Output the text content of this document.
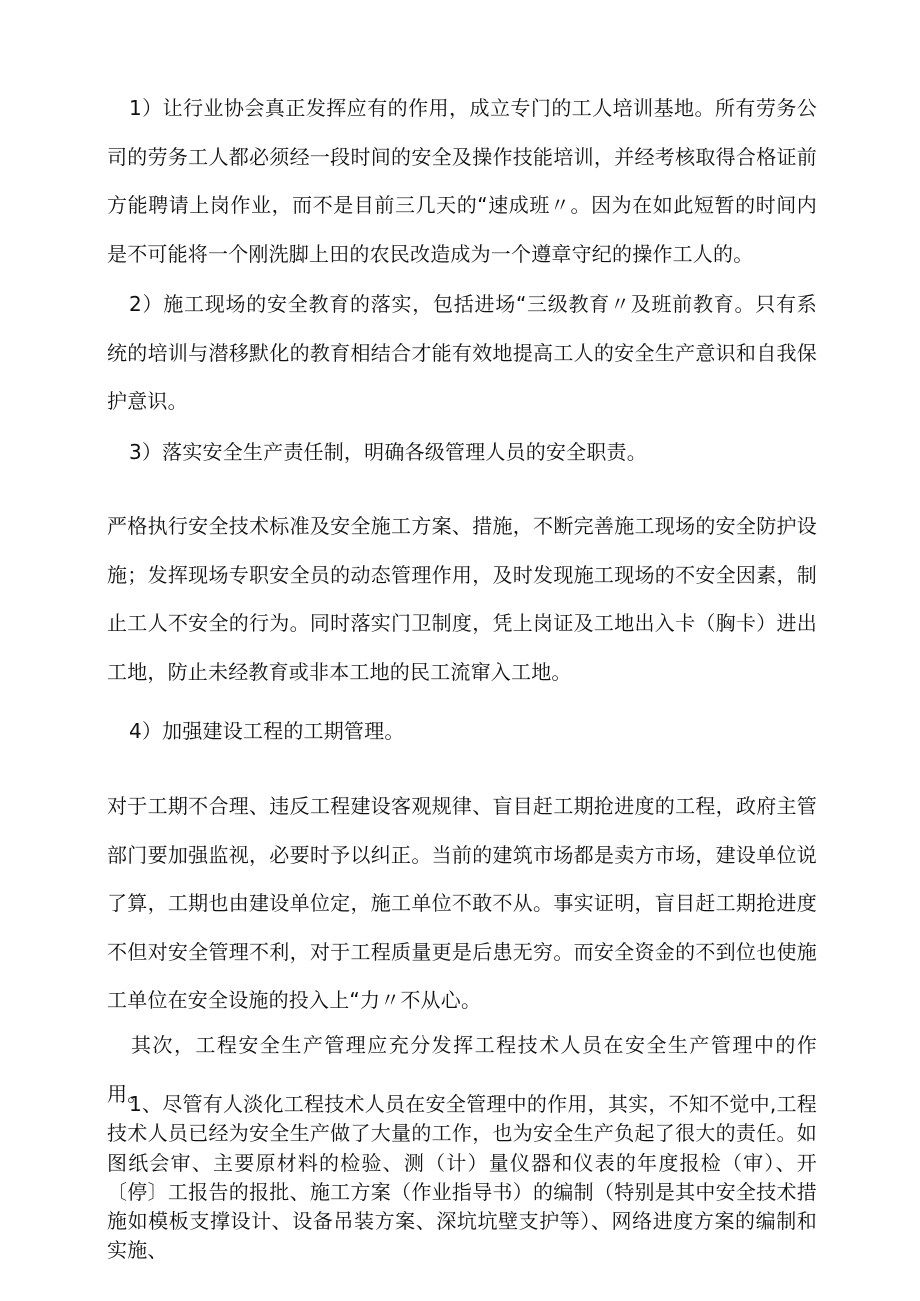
1）让行业协会真正发挥应有的作用，成立专门的工人培训基地。所有劳务公司的劳务工人都必须经一段时间的安全及操作技能培训，并经考核取得合格证前方能聘请上岗作业，而不是目前三几天的“速成班〃。因为在如此短暂的时间内是不可能将一个刚洗脚上田的农民改造成为一个遵章守纪的操作工人的。

2）施工现场的安全教育的落实，包括进场“三级教育〃及班前教育。只有系统的培训与潜移默化的教育相结合才能有效地提高工人的安全生产意识和自我保护意识。

3）落实安全生产责任制，明确各级管理人员的安全职责。

严格执行安全技术标准及安全施工方案、措施，不断完善施工现场的安全防护设施；发挥现场专职安全员的动态管理作用，及时发现施工现场的不安全因素，制止工人不安全的行为。同时落实门卫制度，凭上岗证及工地出入卡（胸卡）进出工地，防止未经教育或非本工地的民工流窜入工地。

4）加强建设工程的工期管理。

对于工期不合理、违反工程建设客观规律、盲目赶工期抢进度的工程，政府主管部门要加强监视，必要时予以纠正。当前的建筑市场都是卖方市场，建设单位说了算，工期也由建设单位定，施工单位不敢不从。事实证明，盲目赶工期抢进度不但对安全管理不利，对于工程质量更是后患无穷。而安全资金的不到位也使施工单位在安全设施的投入上“力〃不从心。

其次，工程安全生产管理应充分发挥工程技术人员在安全生产管理中的作用。

1、尽管有人淡化工程技术人员在安全管理中的作用，其实，不知不觉中,工程技术人员已经为安全生产做了大量的工作，也为安全生产负起了很大的责任。如图纸会审、主要原材料的检验、测（计）量仪器和仪表的年度报检（审）、开〔停〕工报告的报批、施工方案（作业指导书）的编制（特别是其中安全技术措施如模板支撑设计、设备吊装方案、深坑坑壁支护等）、网络进度方案的编制和实施、
